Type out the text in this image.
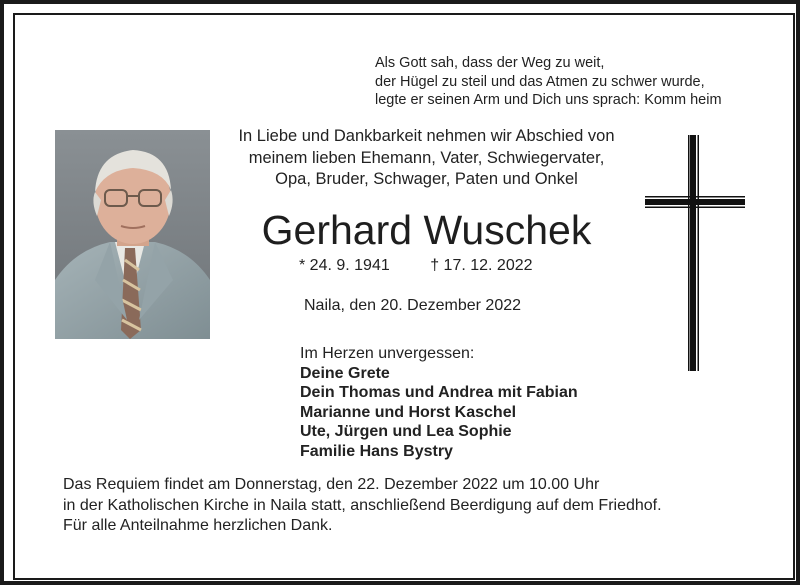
Als Gott sah, dass der Weg zu weit,
der Hügel zu steil und das Atmen zu schwer wurde,
legte er seinen Arm und Dich uns sprach: Komm heim
In Liebe und Dankbarkeit nehmen wir Abschied von
meinem lieben Ehemann, Vater, Schwiegervater,
Opa, Bruder, Schwager, Paten und Onkel
Gerhard Wuschek
* 24. 9. 1941	† 17. 12. 2022
Naila, den 20. Dezember 2022
Im Herzen unvergessen:
Deine Grete
Dein Thomas und Andrea mit Fabian
Marianne und Horst Kaschel
Ute, Jürgen und Lea Sophie
Familie Hans Bystry
Das Requiem findet am Donnerstag, den 22. Dezember 2022 um 10.00 Uhr
in der Katholischen Kirche in Naila statt, anschließend Beerdigung auf dem Friedhof.
Für alle Anteilnahme herzlichen Dank.
